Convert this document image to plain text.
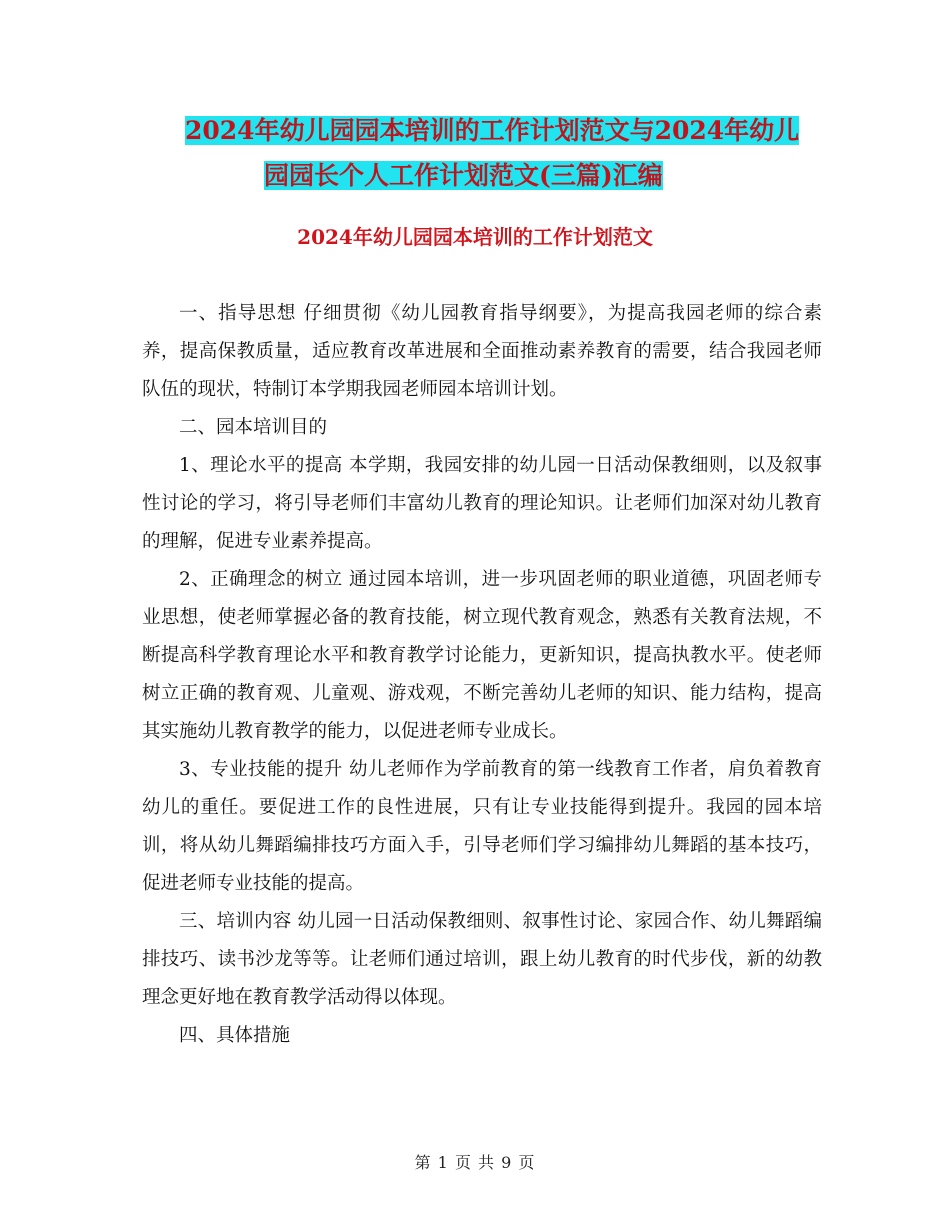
2024年幼儿园园本培训的工作计划范文与2024年幼儿
园园长个人工作计划范文(三篇)汇编
2024年幼儿园园本培训的工作计划范文

一、指导思想 仔细贯彻《幼儿园教育指导纲要》，为提高我园老师的综合素养，提高保教质量，适应教育改革进展和全面推动素养教育的需要，结合我园老师队伍的现状，特制订本学期我园老师园本培训计划。

二、园本培训目的

1、理论水平的提高 本学期，我园安排的幼儿园一日活动保教细则，以及叙事性讨论的学习，将引导老师们丰富幼儿教育的理论知识。让老师们加深对幼儿教育的理解，促进专业素养提高。

2、正确理念的树立 通过园本培训，进一步巩固老师的职业道德，巩固老师专业思想，使老师掌握必备的教育技能，树立现代教育观念，熟悉有关教育法规，不断提高科学教育理论水平和教育教学讨论能力，更新知识，提高执教水平。使老师树立正确的教育观、儿童观、游戏观，不断完善幼儿老师的知识、能力结构，提高其实施幼儿教育教学的能力，以促进老师专业成长。

3、专业技能的提升 幼儿老师作为学前教育的第一线教育工作者，肩负着教育幼儿的重任。要促进工作的良性进展，只有让专业技能得到提升。我园的园本培训，将从幼儿舞蹈编排技巧方面入手，引导老师们学习编排幼儿舞蹈的基本技巧，促进老师专业技能的提高。

三、培训内容 幼儿园一日活动保教细则、叙事性讨论、家园合作、幼儿舞蹈编排技巧、读书沙龙等等。让老师们通过培训，跟上幼儿教育的时代步伐，新的幼教理念更好地在教育教学活动得以体现。

四、具体措施

第 1 页 共 9 页
